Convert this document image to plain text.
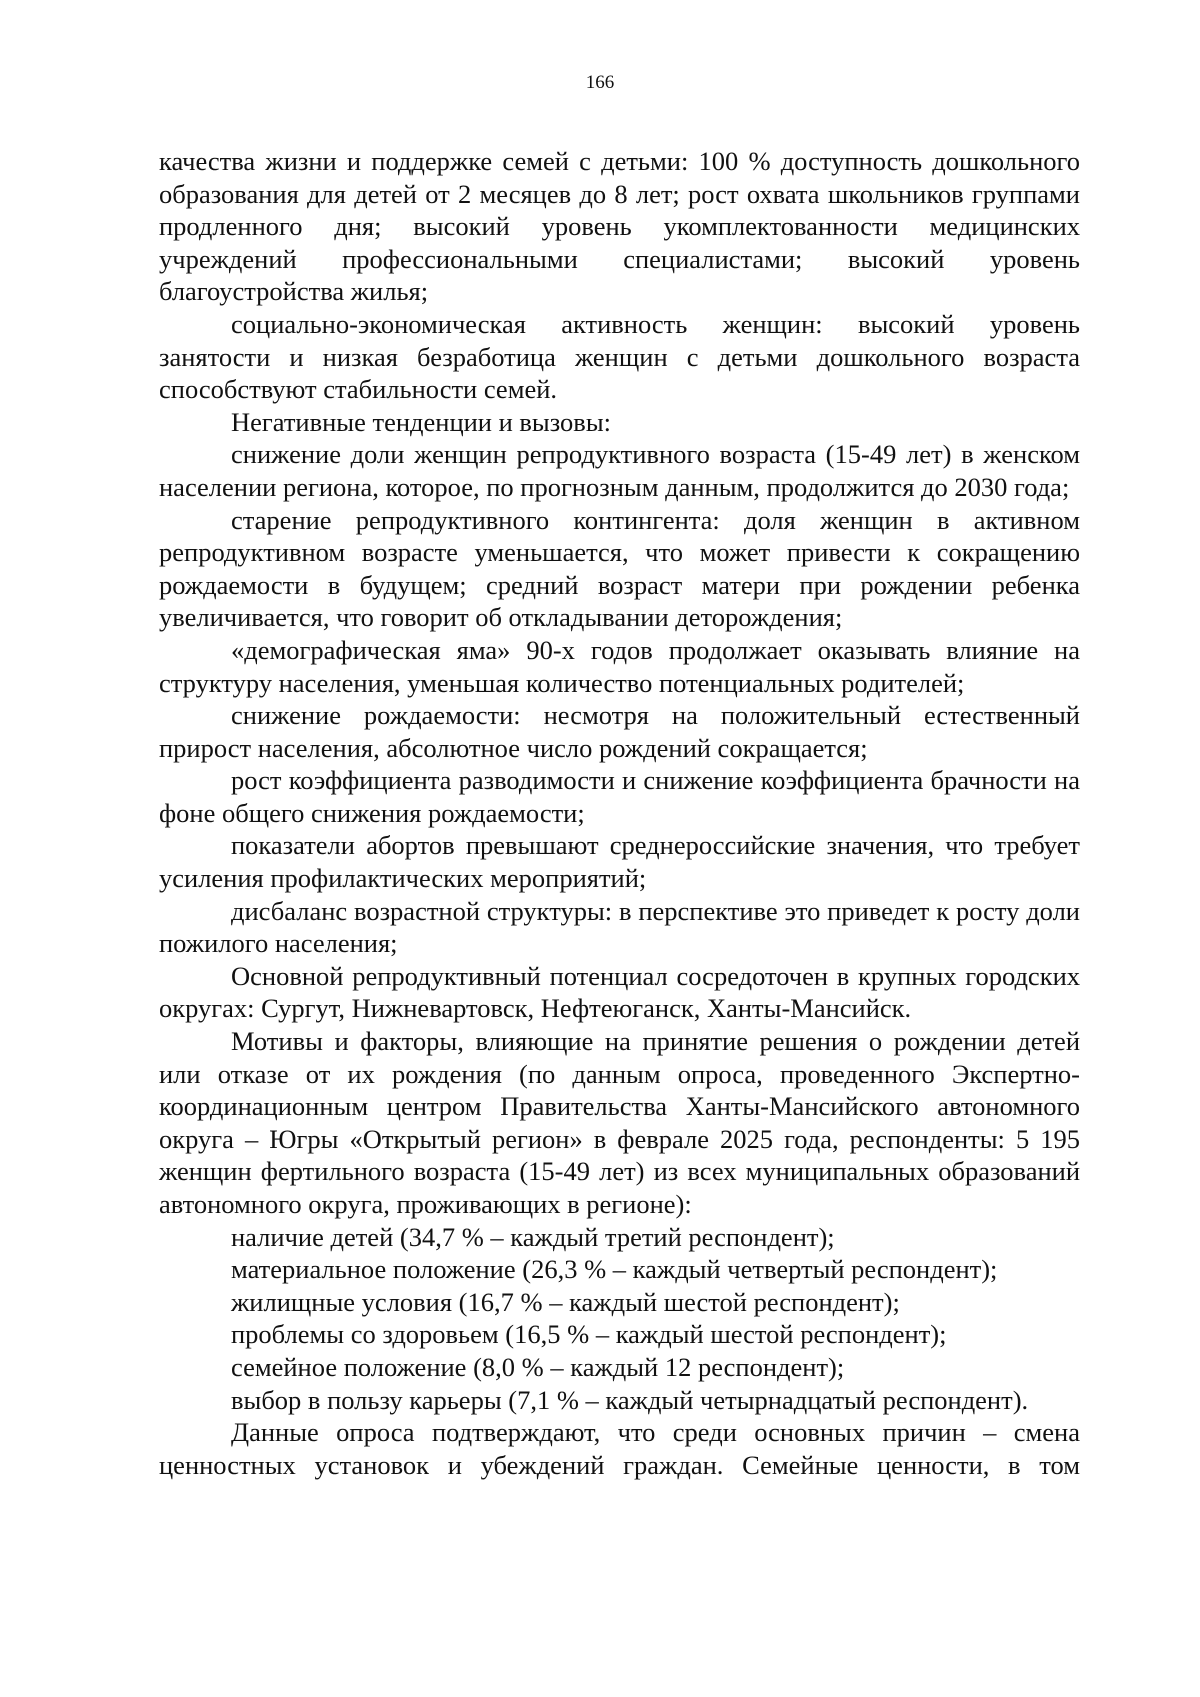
166

качества жизни и поддержке семей с детьми: 100 % доступность дошкольного образования для детей от 2 месяцев до 8 лет; рост охвата школьников группами продленного дня; высокий уровень укомплектованности медицинских учреждений профессиональными специалистами; высокий уровень благоустройства жилья;

социально-экономическая активность женщин: высокий уровень занятости и низкая безработица женщин с детьми дошкольного возраста способствуют стабильности семей.

Негативные тенденции и вызовы:

снижение доли женщин репродуктивного возраста (15-49 лет) в женском населении региона, которое, по прогнозным данным, продолжится до 2030 года;

старение репродуктивного контингента: доля женщин в активном репродуктивном возрасте уменьшается, что может привести к сокращению рождаемости в будущем; средний возраст матери при рождении ребенка увеличивается, что говорит об откладывании деторождения;

«демографическая яма» 90-х годов продолжает оказывать влияние на структуру населения, уменьшая количество потенциальных родителей;

снижение рождаемости: несмотря на положительный естественный прирост населения, абсолютное число рождений сокращается;

рост коэффициента разводимости и снижение коэффициента брачности на фоне общего снижения рождаемости;

показатели абортов превышают среднероссийские значения, что требует усиления профилактических мероприятий;

дисбаланс возрастной структуры: в перспективе это приведет к росту доли пожилого населения;

Основной репродуктивный потенциал сосредоточен в крупных городских округах: Сургут, Нижневартовск, Нефтеюганск, Ханты-Мансийск.

Мотивы и факторы, влияющие на принятие решения о рождении детей или отказе от их рождения (по данным опроса, проведенного Экспертно-координационным центром Правительства Ханты-Мансийского автономного округа – Югры «Открытый регион» в феврале 2025 года, респонденты: 5 195 женщин фертильного возраста (15-49 лет) из всех муниципальных образований автономного округа, проживающих в регионе):

наличие детей (34,7 % – каждый третий респондент);

материальное положение (26,3 % – каждый четвертый респондент);

жилищные условия (16,7 % – каждый шестой респондент);

проблемы со здоровьем (16,5 % – каждый шестой респондент);

семейное положение (8,0 % – каждый 12 респондент);

выбор в пользу карьеры (7,1 % – каждый четырнадцатый респондент).

Данные опроса подтверждают, что среди основных причин – смена ценностных установок и убеждений граждан. Семейные ценности, в том
